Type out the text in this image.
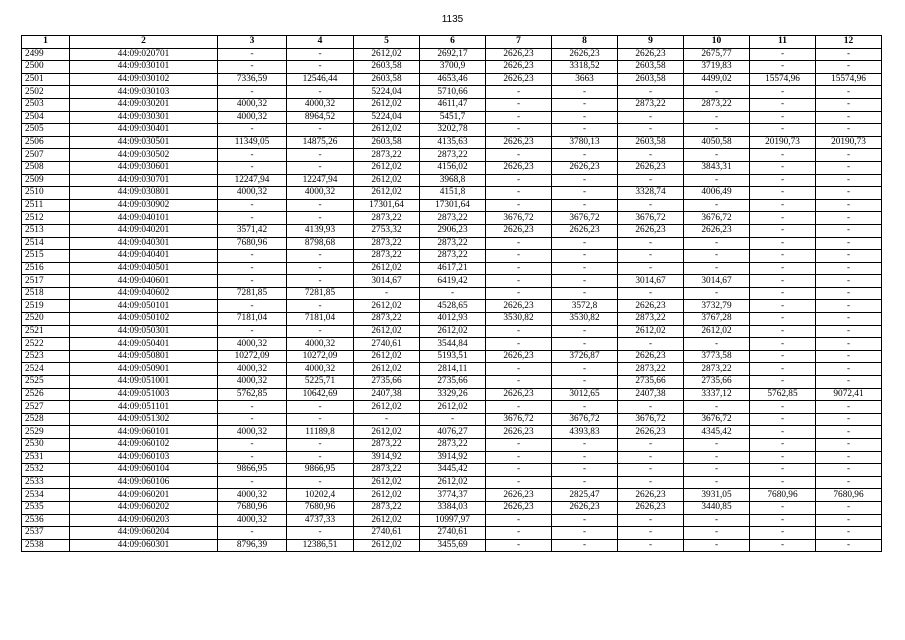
1135
1	2	3	4	5	6	7	8	9	10	11	12
2499	44:09:020701	-	-	2612,02	2692,17	2626,23	2626,23	2626,23	2675,77	-	-
2500	44:09:030101	-	-	2603,58	3700,9	2626,23	3318,52	2603,58	3719,83	-	-
2501	44:09:030102	7336,59	12546,44	2603,58	4653,46	2626,23	3663	2603,58	4499,02	15574,96	15574,96
2502	44:09:030103	-	-	5224,04	5710,66	-	-	-	-	-	-
2503	44:09:030201	4000,32	4000,32	2612,02	4611,47	-	-	2873,22	2873,22	-	-
2504	44:09:030301	4000,32	8964,52	5224,04	5451,7	-	-	-	-	-	-
2505	44:09:030401	-	-	2612,02	3202,78	-	-	-	-	-	-
2506	44:09:030501	11349,05	14875,26	2603,58	4135,63	2626,23	3780,13	2603,58	4050,58	20190,73	20190,73
2507	44:09:030502	-	-	2873,22	2873,22	-	-	-	-	-	-
2508	44:09:030601	-	-	2612,02	4156,02	2626,23	2626,23	2626,23	3843,31	-	-
2509	44:09:030701	12247,94	12247,94	2612,02	3968,8	-	-	-	-	-	-
2510	44:09:030801	4000,32	4000,32	2612,02	4151,8	-	-	3328,74	4006,49	-	-
2511	44:09:030902	-	-	17301,64	17301,64	-	-	-	-	-	-
2512	44:09:040101	-	-	2873,22	2873,22	3676,72	3676,72	3676,72	3676,72	-	-
2513	44:09:040201	3571,42	4139,93	2753,32	2906,23	2626,23	2626,23	2626,23	2626,23	-	-
2514	44:09:040301	7680,96	8798,68	2873,22	2873,22	-	-	-	-	-	-
2515	44:09:040401	-	-	2873,22	2873,22	-	-	-	-	-	-
2516	44:09:040501	-	-	2612,02	4617,21	-	-	-	-	-	-
2517	44:09:040601	-	-	3014,67	6419,42	-	-	3014,67	3014,67	-	-
2518	44:09:040602	7281,85	7281,85	-	-	-	-	-	-	-	-
2519	44:09:050101	-	-	2612,02	4528,65	2626,23	3572,8	2626,23	3732,79	-	-
2520	44:09:050102	7181,04	7181,04	2873,22	4012,93	3530,82	3530,82	2873,22	3767,28	-	-
2521	44:09:050301	-	-	2612,02	2612,02	-	-	2612,02	2612,02	-	-
2522	44:09:050401	4000,32	4000,32	2740,61	3544,84	-	-	-	-	-	-
2523	44:09:050801	10272,09	10272,09	2612,02	5193,51	2626,23	3726,87	2626,23	3773,58	-	-
2524	44:09:050901	4000,32	4000,32	2612,02	2814,11	-	-	2873,22	2873,22	-	-
2525	44:09:051001	4000,32	5225,71	2735,66	2735,66	-	-	2735,66	2735,66	-	-
2526	44:09:051003	5762,85	10642,69	2407,38	3329,26	2626,23	3012,65	2407,38	3337,12	5762,85	9072,41
2527	44:09:051101	-	-	2612,02	2612,02	-	-	-	-	-	-
2528	44:09:051302	-	-	-	-	3676,72	3676,72	3676,72	3676,72	-	-
2529	44:09:060101	4000,32	11189,8	2612,02	4076,27	2626,23	4393,83	2626,23	4345,42	-	-
2530	44:09:060102	-	-	2873,22	2873,22	-	-	-	-	-	-
2531	44:09:060103	-	-	3914,92	3914,92	-	-	-	-	-	-
2532	44:09:060104	9866,95	9866,95	2873,22	3445,42	-	-	-	-	-	-
2533	44:09:060106	-	-	2612,02	2612,02	-	-	-	-	-	-
2534	44:09:060201	4000,32	10202,4	2612,02	3774,37	2626,23	2825,47	2626,23	3931,05	7680,96	7680,96
2535	44:09:060202	7680,96	7680,96	2873,22	3384,03	2626,23	2626,23	2626,23	3440,85	-	-
2536	44:09:060203	4000,32	4737,33	2612,02	10997,97	-	-	-	-	-	-
2537	44:09:060204	-	-	2740,61	2740,61	-	-	-	-	-	-
2538	44:09:060301	8796,39	12386,51	2612,02	3455,69	-	-	-	-	-	-
